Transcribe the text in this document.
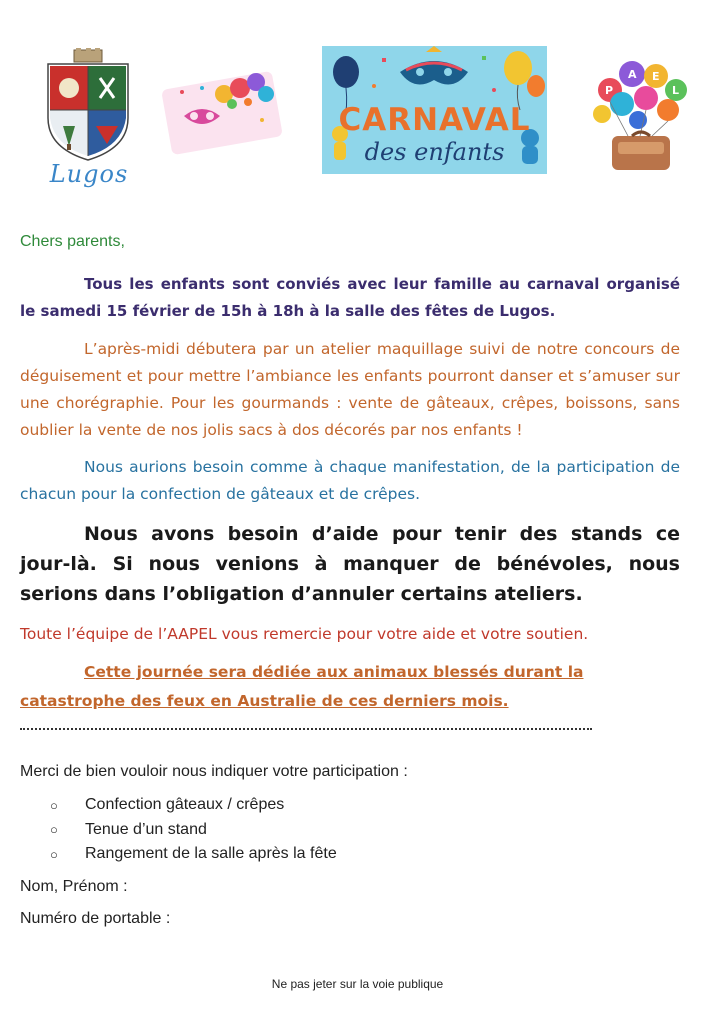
Lugos
CARNAVAL
des enfants
A
P
E
L

Chers parents,

Tous les enfants sont conviés avec leur famille au carnaval organisé le samedi 15 février de 15h à 18h à la salle des fêtes de Lugos.

L’après-midi débutera par un atelier maquillage suivi de notre concours de déguisement et pour mettre l’ambiance les enfants pourront danser et s’amuser sur une chorégraphie. Pour les gourmands : vente de gâteaux, crêpes, boissons, sans oublier la vente de nos jolis sacs à dos décorés par nos enfants !

Nous aurions besoin comme à chaque manifestation, de la participation de chacun pour la confection de gâteaux et de crêpes.

Nous avons besoin d’aide pour tenir des stands ce jour-là. Si nous venions à manquer de bénévoles, nous serions dans l’obligation d’annuler certains ateliers.

Toute l’équipe de l’AAPEL vous remercie pour votre aide et votre soutien.

Cette journée sera dédiée aux animaux blessés durant la catastrophe des feux en Australie de ces derniers mois.

Merci de bien vouloir nous indiquer votre participation :

○	Confection gâteaux / crêpes
○	Tenue d’un stand
○	Rangement de la salle après la fête
Nom, Prénom :
Numéro de portable :
Ne pas jeter sur la voie publique
